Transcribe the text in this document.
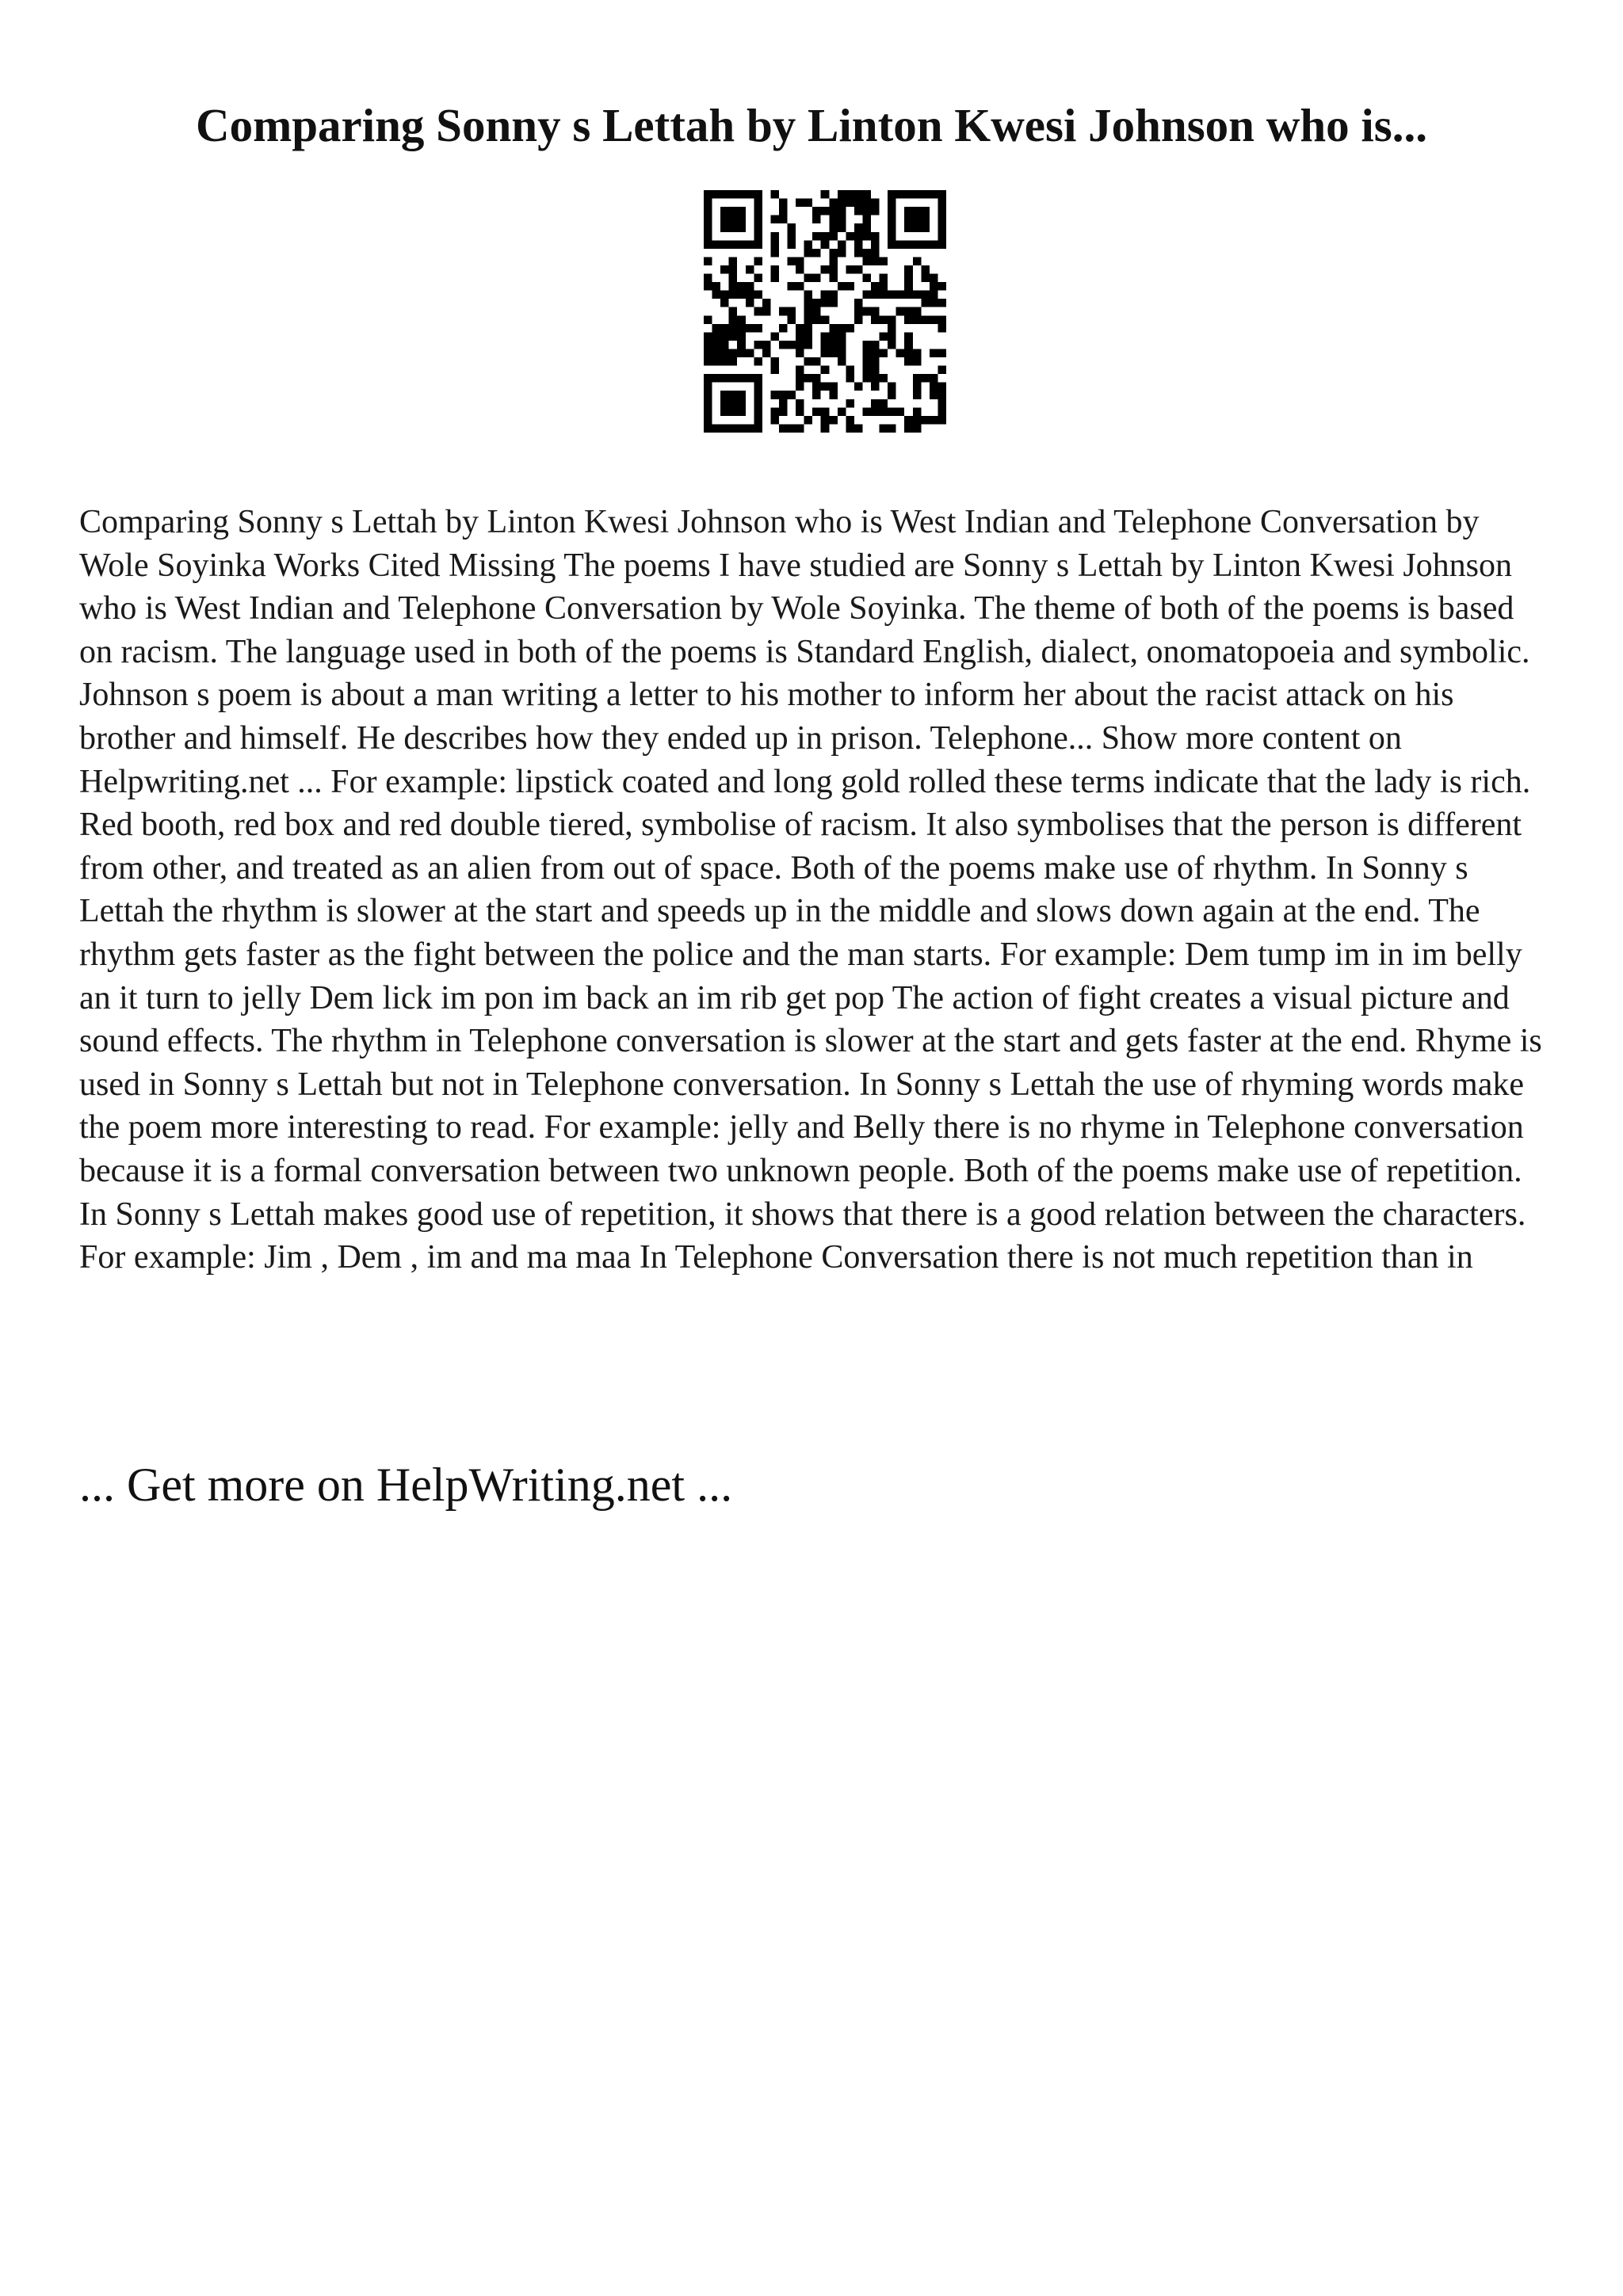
Comparing Sonny s Lettah by Linton Kwesi Johnson who is...

Comparing Sonny s Lettah by Linton Kwesi Johnson who is West Indian and Telephone Conversation by Wole Soyinka Works Cited Missing The poems I have studied are Sonny s Lettah by Linton Kwesi Johnson who is West Indian and Telephone Conversation by Wole Soyinka. The theme of both of the poems is based on racism. The language used in both of the poems is Standard English, dialect, onomatopoeia and symbolic. Johnson s poem is about a man writing a letter to his mother to inform her about the racist attack on his brother and himself. He describes how they ended up in prison. Telephone... Show more content on Helpwriting.net ... For example: lipstick coated and long gold rolled these terms indicate that the lady is rich. Red booth, red box and red double tiered, symbolise of racism. It also symbolises that the person is different from other, and treated as an alien from out of space. Both of the poems make use of rhythm. In Sonny s Lettah the rhythm is slower at the start and speeds up in the middle and slows down again at the end. The rhythm gets faster as the fight between the police and the man starts. For example: Dem tump im in im belly an it turn to jelly Dem lick im pon im back an im rib get pop The action of fight creates a visual picture and sound effects. The rhythm in Telephone conversation is slower at the start and gets faster at the end. Rhyme is used in Sonny s Lettah but not in Telephone conversation. In Sonny s Lettah the use of rhyming words make the poem more interesting to read. For example: jelly and Belly there is no rhyme in Telephone conversation because it is a formal conversation between two unknown people. Both of the poems make use of repetition. In Sonny s Lettah makes good use of repetition, it shows that there is a good relation between the characters. For example: Jim , Dem , im and ma maa In Telephone Conversation there is not much repetition than in

... Get more on HelpWriting.net ...
